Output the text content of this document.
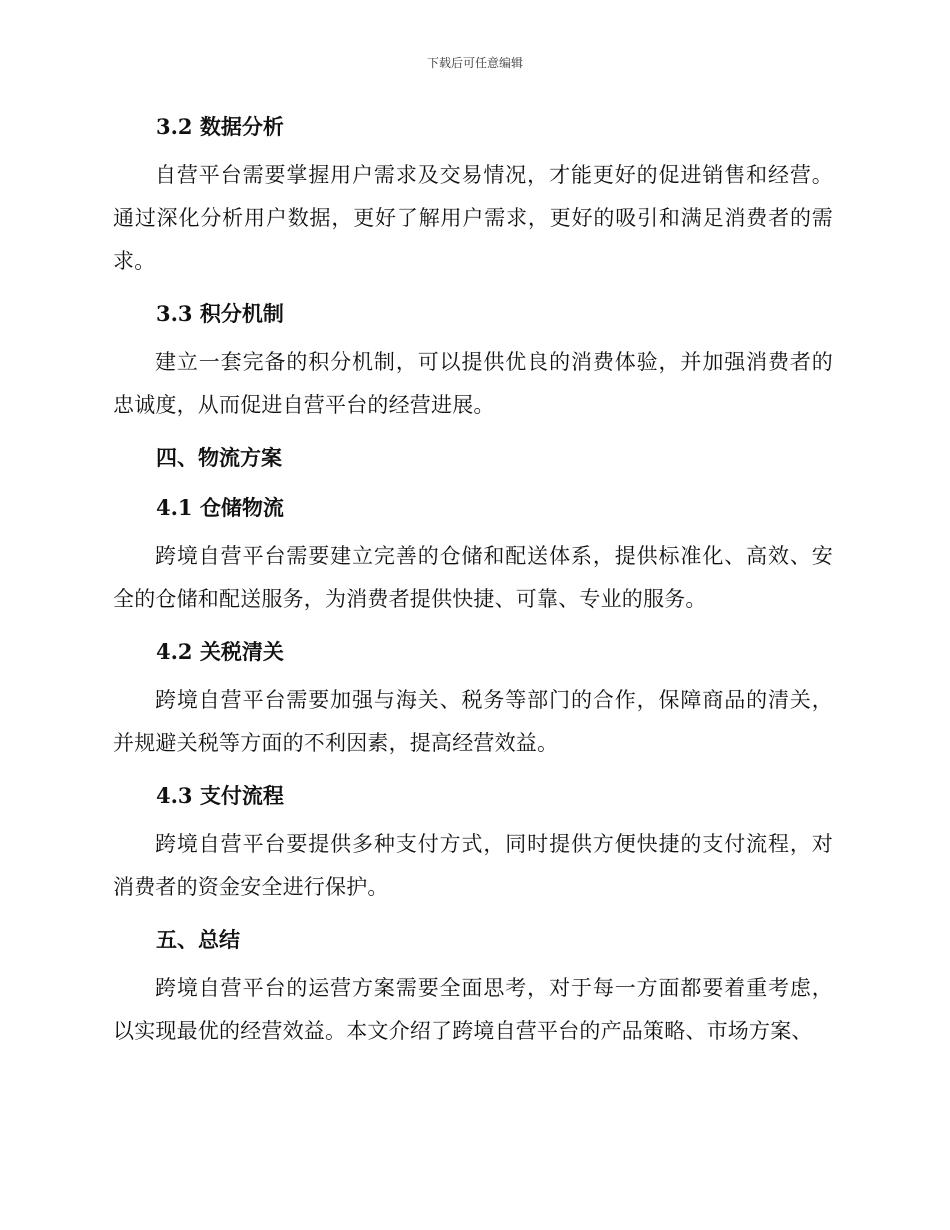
下载后可任意编辑
3.2 数据分析

自营平台需要掌握用户需求及交易情况，才能更好的促进销售和经营。通过深化分析用户数据，更好了解用户需求，更好的吸引和满足消费者的需求。

3.3 积分机制

建立一套完备的积分机制，可以提供优良的消费体验，并加强消费者的忠诚度，从而促进自营平台的经营进展。

四、物流方案
4.1 仓储物流

跨境自营平台需要建立完善的仓储和配送体系，提供标准化、高效、安全的仓储和配送服务，为消费者提供快捷、可靠、专业的服务。

4.2 关税清关

跨境自营平台需要加强与海关、税务等部门的合作，保障商品的清关，并规避关税等方面的不利因素，提高经营效益。

4.3 支付流程

跨境自营平台要提供多种支付方式，同时提供方便快捷的支付流程，对消费者的资金安全进行保护。

五、总结

跨境自营平台的运营方案需要全面思考，对于每一方面都要着重考虑，以实现最优的经营效益。本文介绍了跨境自营平台的产品策略、市场方案、
